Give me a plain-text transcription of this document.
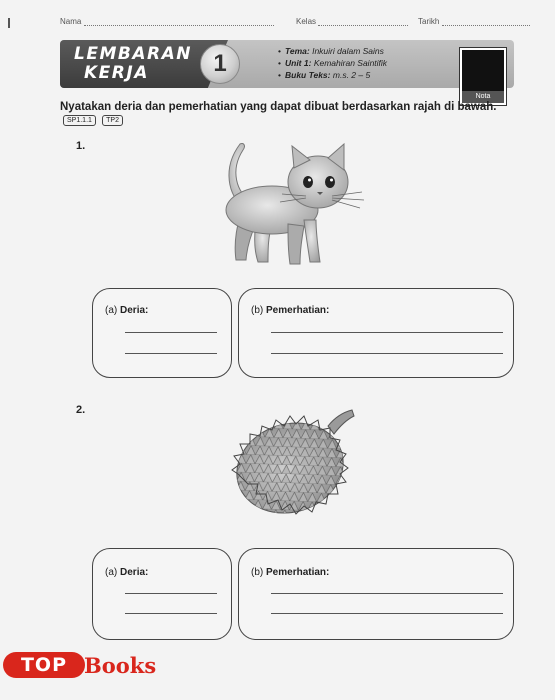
Nama	Kelas	Tarikh
LEMBARAN
KERJA	1
•	Tema: Inkuiri dalam Sains
• Unit 1: Kemahiran Saintifik
• Buku Teks: m.s. 2 – 5
Nota
Nyatakan deria dan pemerhatian yang dapat dibuat berdasarkan rajah di bawah. SP1.1.1 TP2
1.
(a) Deria:	(b) Pemerhatian:
2.
(a) Deria:	(b) Pemerhatian:
TOP Books
